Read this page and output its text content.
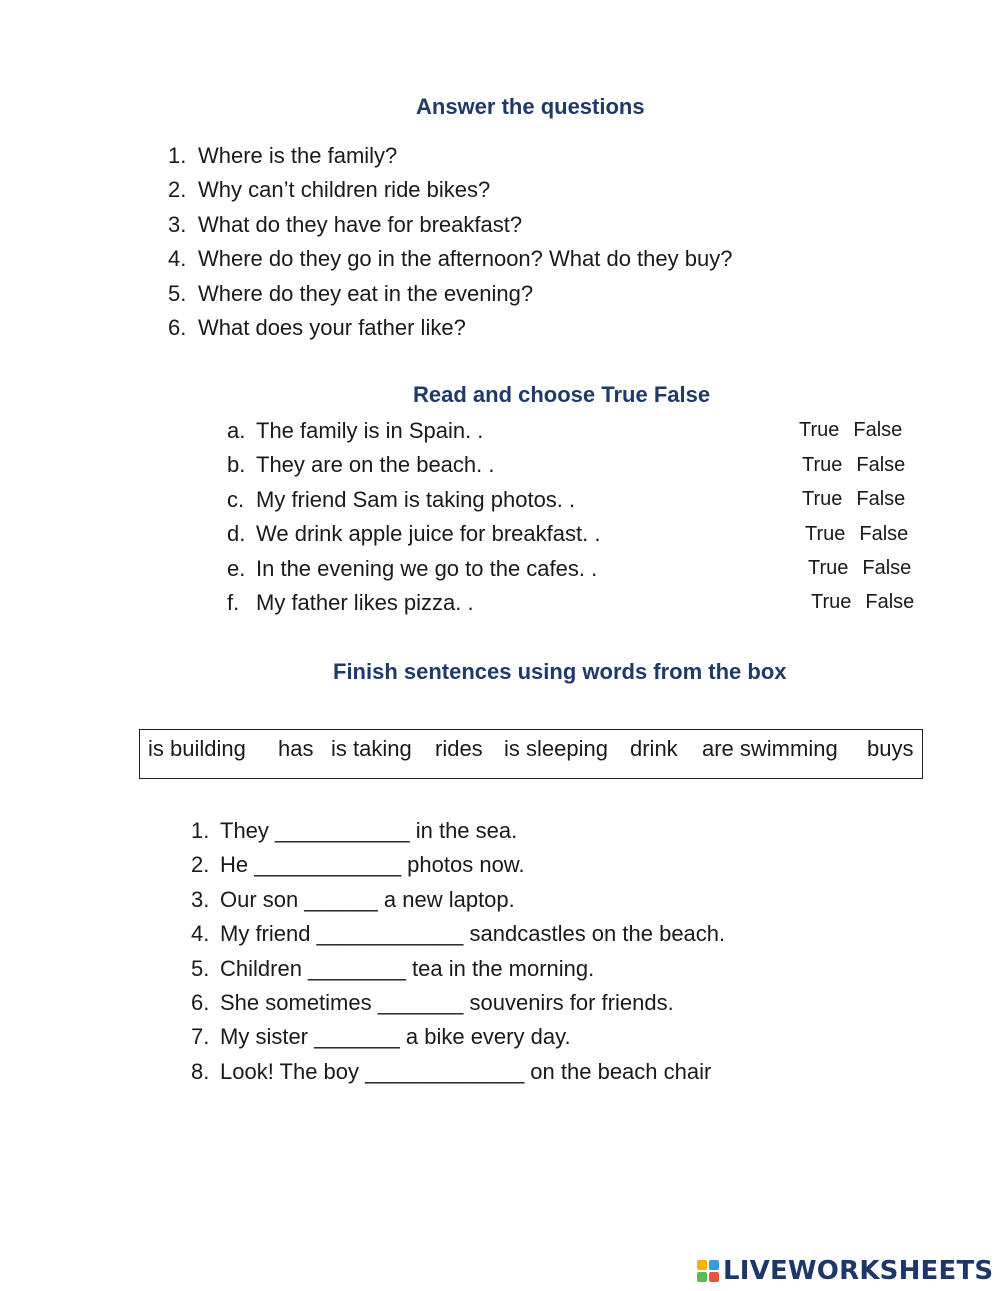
Answer the questions
1. Where is the family?
2. Why can’t children ride bikes?
3. What do they have for breakfast?
4. Where do they go in the afternoon? What do they buy?
5. Where do they eat in the evening?
6. What does your father like?
Read and choose True False
a. The family is in Spain. .
b. They are on the beach. .
c. My friend Sam is taking photos. .
d. We drink apple juice for breakfast. .
e. In the evening we go to the cafes. .
f. My father likes pizza. .
True False
True False
True False
True False
True False
True False
Finish sentences using words from the box
is building has is taking rides is sleeping drink are swimming buys
1. They ___________ in the sea.
2. He ____________ photos now.
3. Our son ______ a new laptop.
4. My friend ____________ sandcastles on the beach.
5. Children ________ tea in the morning.
6. She sometimes _______ souvenirs for friends.
7. My sister _______ a bike every day.
8. Look! The boy _____________ on the beach chair
LIVEWORKSHEETS
